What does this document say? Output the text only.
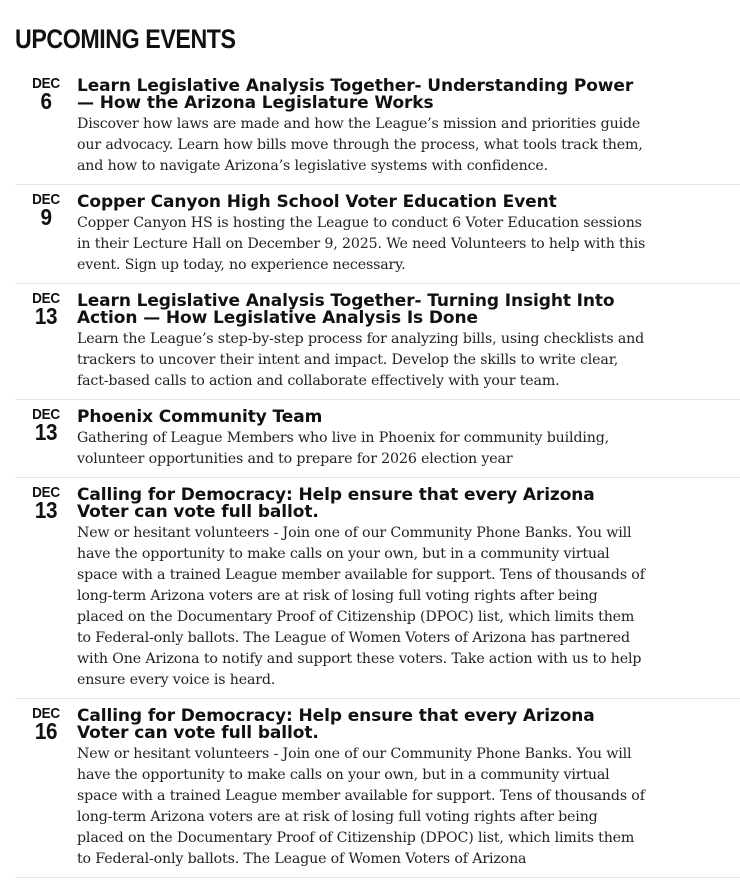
UPCOMING EVENTS
DEC
6
Learn Legislative Analysis Together- Understanding Power — How the Arizona Legislature Works

Discover how laws are made and how the League’s mission and priorities guide our advocacy. Learn how bills move through the process, what tools track them, and how to navigate Arizona’s legislative systems with confidence.

DEC
9
Copper Canyon High School Voter Education Event

Copper Canyon HS is hosting the League to conduct 6 Voter Education sessions in their Lecture Hall on December 9, 2025. We need Volunteers to help with this event. Sign up today, no experience necessary.

DEC
13
Learn Legislative Analysis Together- Turning Insight Into Action — How Legislative Analysis Is Done

Learn the League’s step-by-step process for analyzing bills, using checklists and trackers to uncover their intent and impact. Develop the skills to write clear, fact-based calls to action and collaborate effectively with your team.

DEC
13
Phoenix Community Team

Gathering of League Members who live in Phoenix for community building, volunteer opportunities and to prepare for 2026 election year

DEC
13
Calling for Democracy: Help ensure that every Arizona Voter can vote full ballot.

New or hesitant volunteers - Join one of our Community Phone Banks. You will have the opportunity to make calls on your own, but in a community virtual space with a trained League member available for support. Tens of thousands of long-term Arizona voters are at risk of losing full voting rights after being placed on the Documentary Proof of Citizenship (DPOC) list, which limits them to Federal-only ballots. The League of Women Voters of Arizona has partnered with One Arizona to notify and support these voters. Take action with us to help ensure every voice is heard.

DEC
16
Calling for Democracy: Help ensure that every Arizona Voter can vote full ballot.

New or hesitant volunteers - Join one of our Community Phone Banks. You will have the opportunity to make calls on your own, but in a community virtual space with a trained League member available for support. Tens of thousands of long-term Arizona voters are at risk of losing full voting rights after being placed on the Documentary Proof of Citizenship (DPOC) list, which limits them to Federal-only ballots. The League of Women Voters of Arizona
